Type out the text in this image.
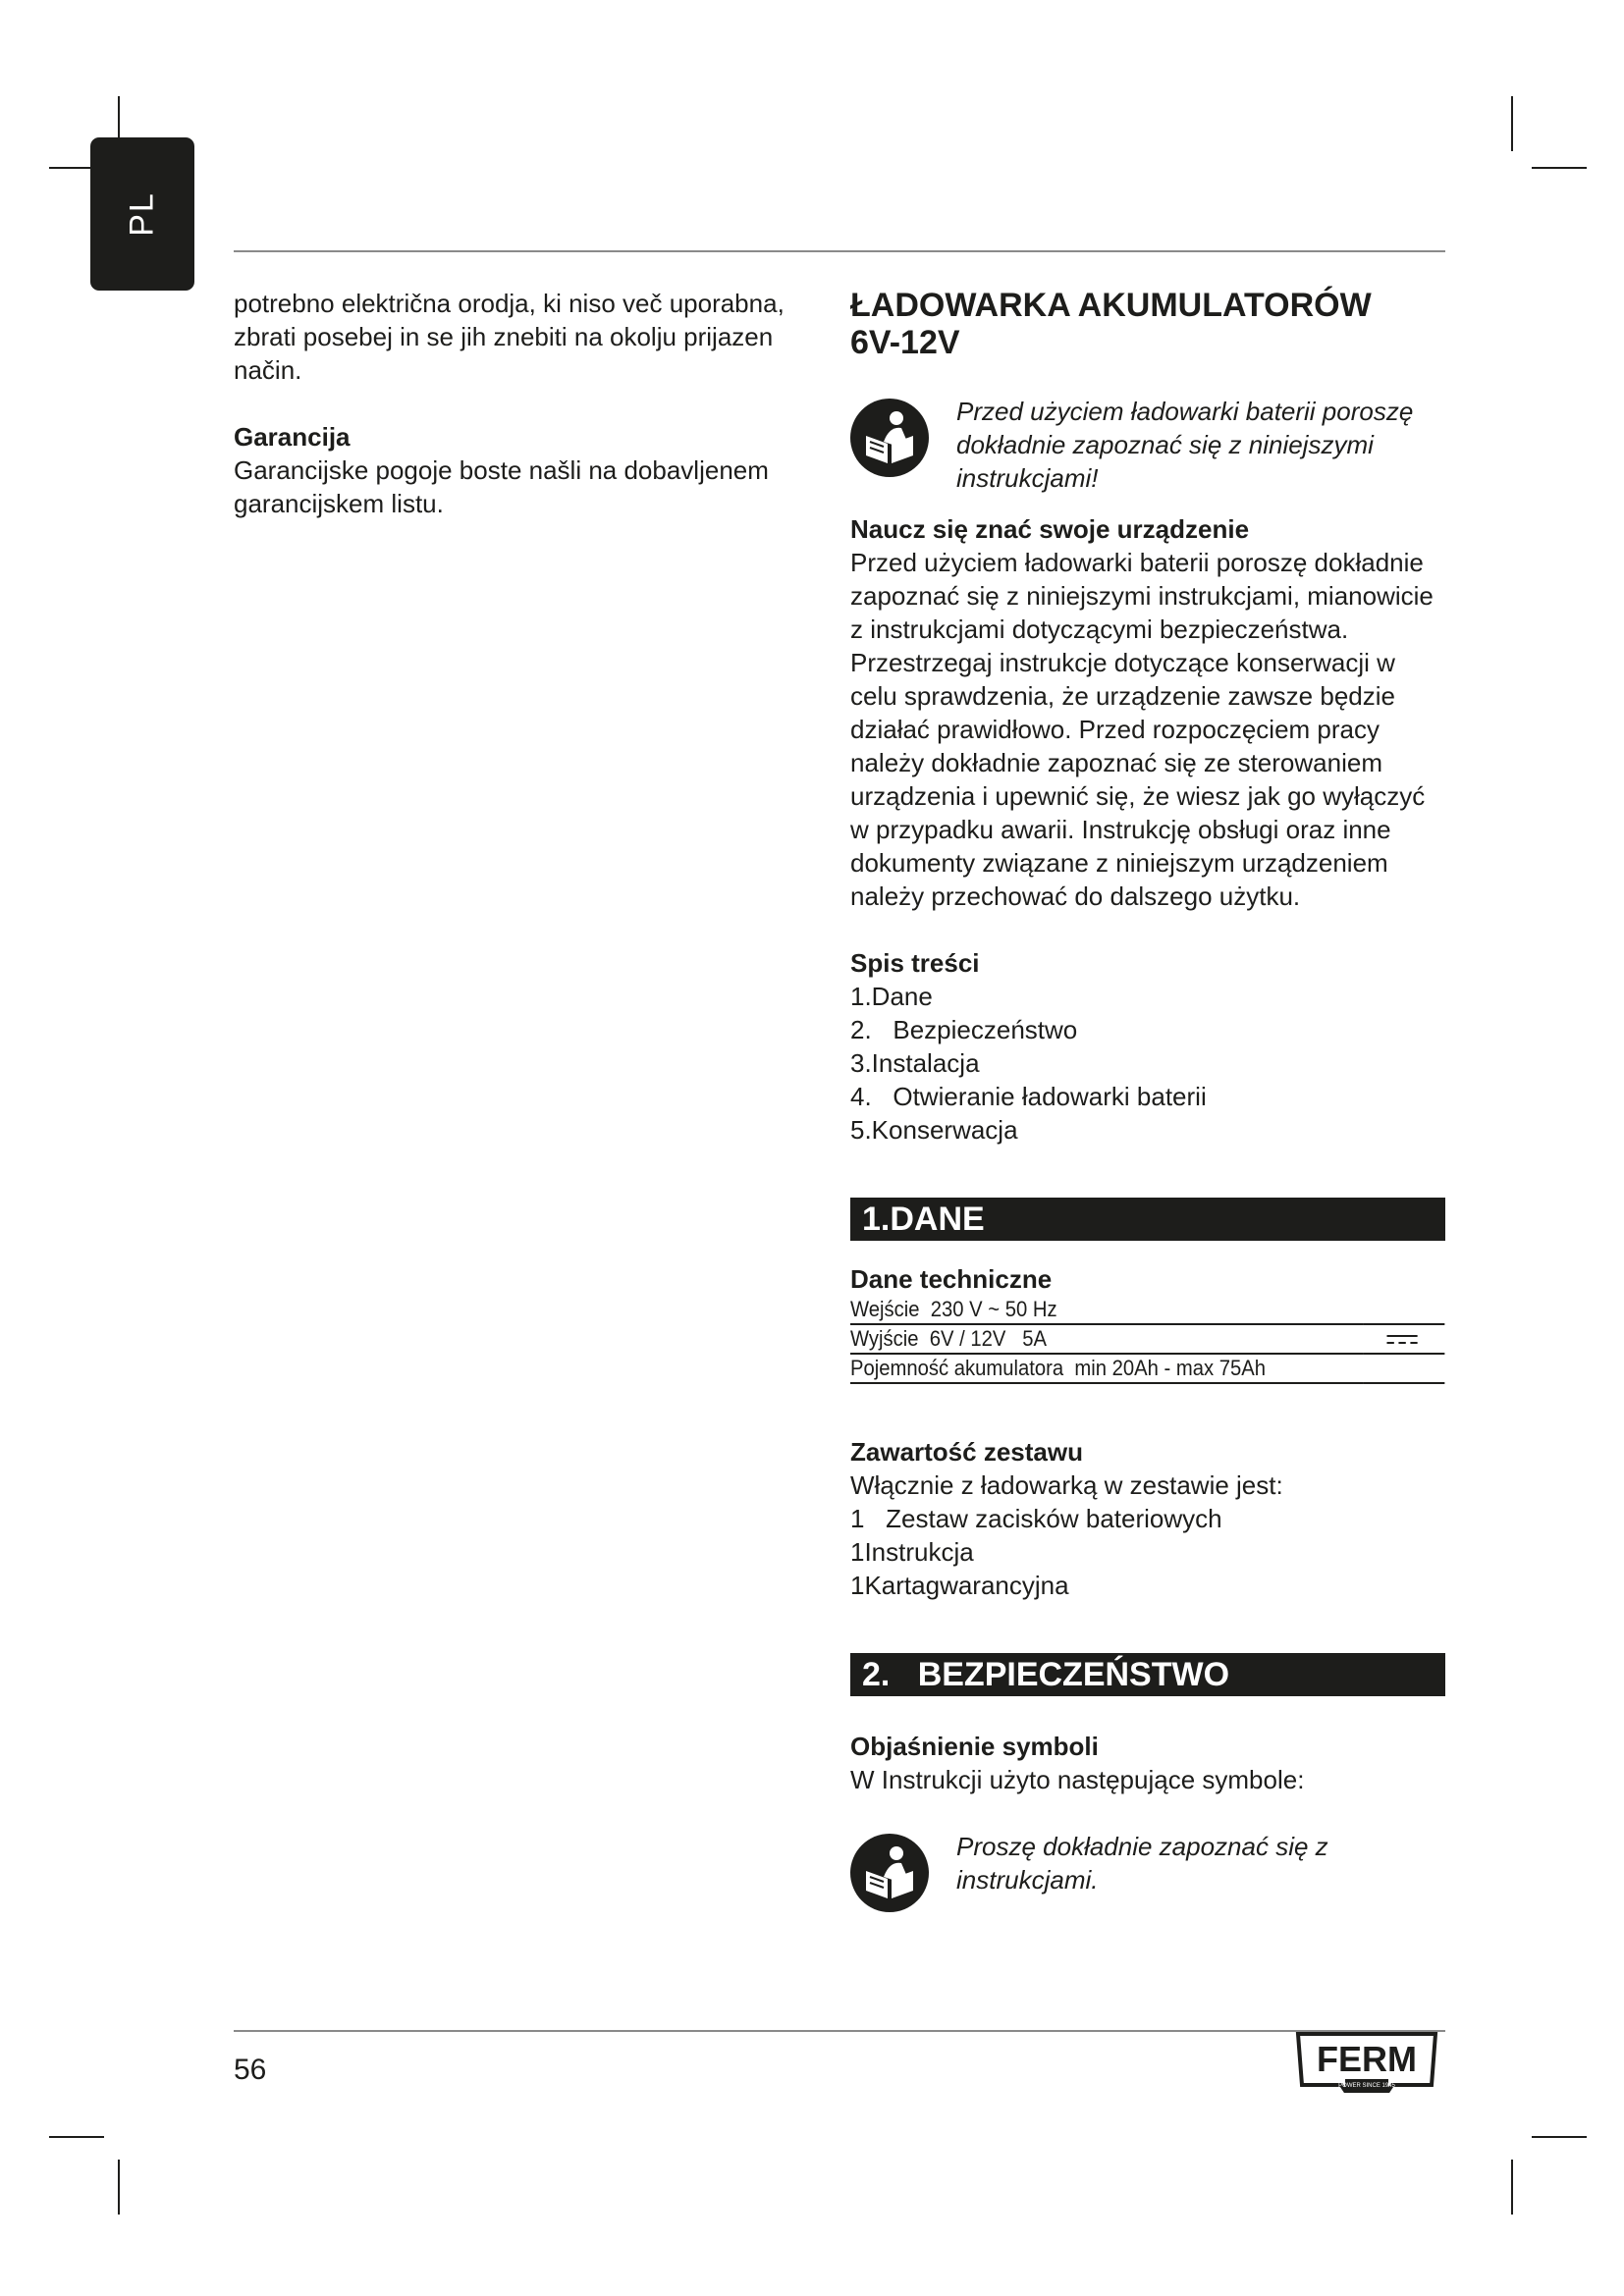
PL

potrebno električna orodja, ki niso več uporabna, zbrati posebej in se jih znebiti na okolju prijazen način.

Garancija

Garancijske pogoje boste našli na dobavljenem garancijskem listu.

ŁADOWARKA AKUMULATORÓW
6V-12V

Przed użyciem ładowarki baterii poroszę dokładnie zapoznać się z niniejszymi instrukcjami!

Naucz się znać swoje urządzenie

Przed użyciem ładowarki baterii poroszę dokładnie zapoznać się z niniejszymi instrukcjami, mianowicie z instrukcjami dotyczącymi bezpieczeństwa. Przestrzegaj instrukcje dotyczące konserwacji w celu sprawdzenia, że urządzenie zawsze będzie działać prawidłowo. Przed rozpoczęciem pracy należy dokładnie zapoznać się ze sterowaniem urządzenia i upewnić się, że wiesz jak go wyłączyć w przypadku awarii. Instrukcję obsługi oraz inne dokumenty związane z niniejszym urządzeniem należy przechować do dalszego użytku.

Spis treści

1.Dane

2.   Bezpieczeństwo

3.Instalacja

4.   Otwieranie ładowarki baterii

5.Konserwacja

1.DANE

Dane techniczne

Wejście  230 V ~ 50 Hz	
Wyjście  6V / 12V   5A	
Pojemność akumulatora  min 20Ah - max 75Ah	

Zawartość zestawu

Włącznie z ładowarką w zestawie jest:

1   Zestaw zacisków bateriowych

1Instrukcja

1Kartagwarancyjna

2.   BEZPIECZEŃSTWO

Objaśnienie symboli

W Instrukcji użyto następujące symbole:

Proszę dokładnie zapoznać się z instrukcjami.

56	FERM
POWER SINCE 1945
